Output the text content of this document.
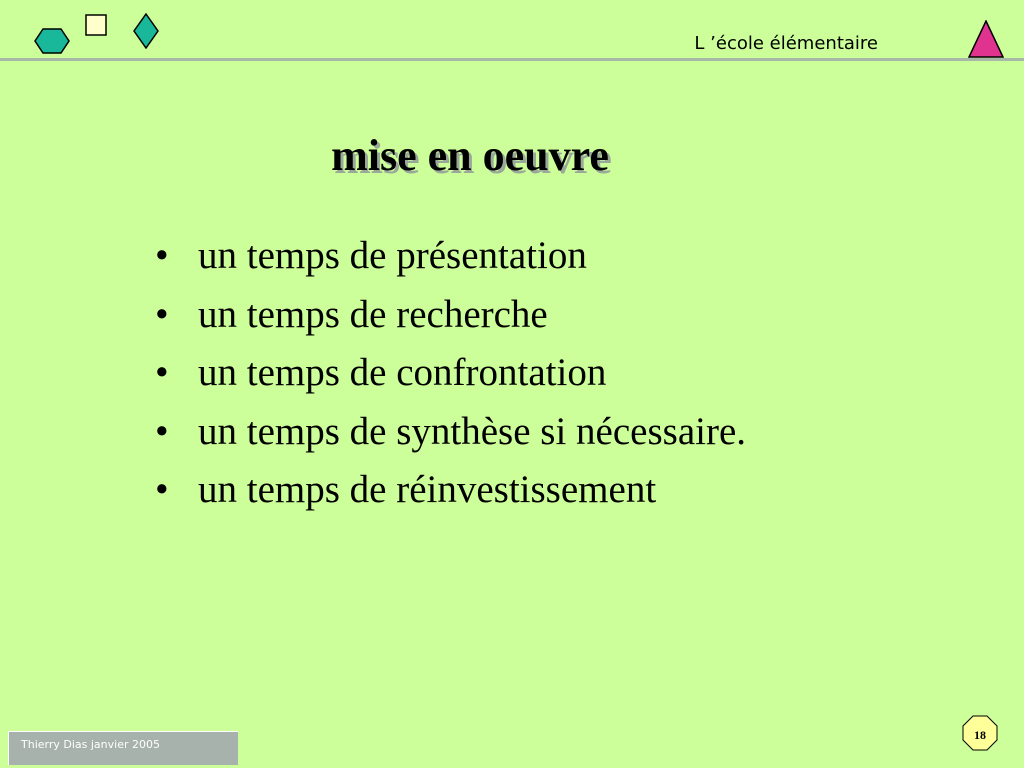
L ’école élémentaire
mise en oeuvre
• un temps de présentation
• un temps de recherche
• un temps de confrontation
• un temps de synthèse si nécessaire.
• un temps de réinvestissement
Thierry Dias janvier 2005
18
